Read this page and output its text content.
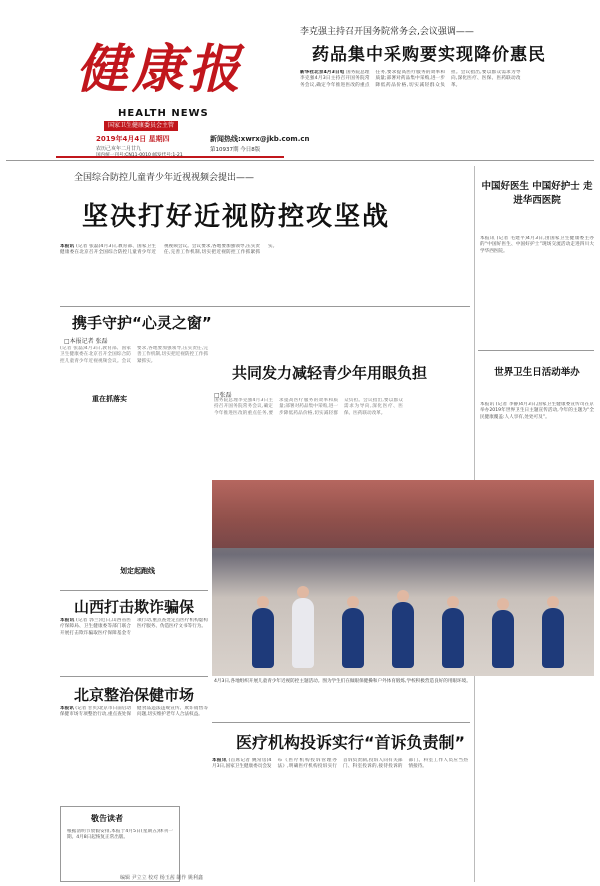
健康报
HEALTH NEWS
国家卫生健康委员会主管
2019年4月4日 星期四
农历己亥年二月廿九
新闻热线:xwrx@jkb.com.cn
第10937期 今日8版
李克强主持召开国务院常务会,会议强调——
药品集中采购要实现降价惠民
新华社北京4月3日电 国务院总理李克强4月3日主持召开国务院常务会议,确定今年推进医改的重点任务,要求提高医疗服务的效率和质量;部署对药品集中采购,进一步降低药品价格,切实减轻群众负担。会议指出,要以群众需求为导向,深化医疗、医保、医药联动改革。
全国综合防控儿童青少年近视视频会提出——
坚决打好近视防控攻坚战
本报讯 (记者 张磊)4月3日,教育部、国家卫生健康委在北京召开全国综合防控儿童青少年近视视频会议。会议要求,各地要加强领导,压实责任,完善工作机制,切实把近视防控工作抓紧抓实。
中国好医生 中国好护士 走进华西医院
本报讯 (记者 毛建平)4月3日,由国家卫生健康委主办的“中国好医生、中国好护士”现场交流活动走进四川大学华西医院。
世界卫生日活动举办
本报讯 (记者 李静)4月3日,国家卫生健康委宣传司在京举办2019年世界卫生日主题宣传活动,今年的主题为“全民健康覆盖:人人享有,处处可及”。
携手守护“心灵之窗”
□本报记者 张磊
(记者 张磊)4月3日,教育部、国家卫生健康委在北京召开全国综合防控儿童青少年近视视频会议。会议要求,各地要加强领导,压实责任,完善工作机制,切实把近视防控工作抓紧抓实。
重在抓落实
划定起跑线
共同发力减轻青少年用眼负担
□张磊
国务院总理李克强4月3日主持召开国务院常务会议,确定今年推进医改的重点任务,要求提高医疗服务的效率和质量;部署对药品集中采购,进一步降低药品价格,切实减轻群众负担。会议指出,要以群众需求为导向,深化医疗、医保、医药联动改革。
4月3日,各地组织开展儿童青少年近视防控主题活动。图为学生们在做眼保健操和户外体育锻炼,学校积极营造良好的用眼环境。
山西打击欺诈骗保
本报讯 (记者 郭兰)近日,山西省医疗保障局、卫生健康委等部门联合开展打击欺诈骗取医疗保障基金专项行动,重点查处定点医疗机构虚构医疗服务、伪造医疗文书等行为。
北京整治保健市场
本报讯 (记者 甘贝)北京市日前启动保健市场专项整治行动,重点查处保健食品违法违规宣传、欺诈销售等问题,切实维护老年人合法权益。
敬告读者
根据清明节放假安排,本报于4月5日(星期五)休刊一期。4月8日起恢复正常出版。
医疗机构投诉实行“首诉负责制”
本报讯 (首席记者 姚常房)4月3日,国家卫生健康委员会发布《医疗机构投诉管理办法》,明确医疗机构投诉实行首诉负责制,投诉人向有关部门、科室投诉的,接待投诉的部门、科室工作人员应当热情接待。
编辑 尹立立 校对 杨玉茜 制作 姚利鑫
